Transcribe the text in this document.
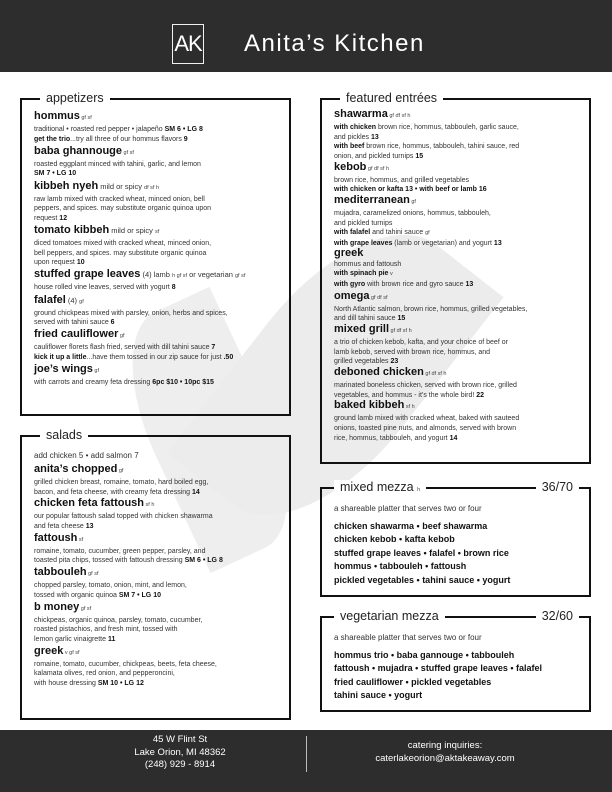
AK Anita’s Kitchen
appetizers
hommus gf sf
traditional • roasted red pepper • jalapeño SM 6 • LG 8
get the trio...try all three of our hommus flavors 9
baba ghannouge gf sf
roasted eggplant minced with tahini, garlic, and lemon
SM 7 • LG 10
kibbeh nyeh mild or spicy df sf h
raw lamb mixed with cracked wheat, minced onion, bell
peppers, and spices. may substitute organic quinoa upon
request 12
tomato kibbeh mild or spicy sf
diced tomatoes mixed with cracked wheat, minced onion,
bell peppers, and spices. may substitute organic quinoa
upon request 10
stuffed grape leaves (4) lamb h gf sf or vegetarian gf sf
house rolled vine leaves, served with yogurt 8
falafel (4) gf
ground chickpeas mixed with parsley, onion, herbs and spices,
served with tahini sauce 6
fried cauliflower gf
cauliflower florets flash fried, served with dill tahini sauce 7
kick it up a little...have them tossed in our zip sauce for just .50
joe’s wings gf
with carrots and creamy feta dressing 6pc $10 • 10pc $15
salads
add chicken 5 • add salmon 7
anita’s chopped gf
grilled chicken breast, romaine, tomato, hard boiled egg,
bacon, and feta cheese, with creamy feta dressing 14
chicken feta fattoush sf h
our popular fattoush salad topped with chicken shawarma
and feta cheese 13
fattoush sf
romaine, tomato, cucumber, green pepper, parsley, and
toasted pita chips, tossed with fattoush dressing SM 6 • LG 8
tabbouleh gf sf
chopped parsley, tomato, onion, mint, and lemon,
tossed with organic quinoa SM 7 • LG 10
b money gf sf
chickpeas, organic quinoa, parsley, tomato, cucumber,
roasted pistachios, and fresh mint, tossed with
lemon garlic vinaigrette 11
greek v gf sf
romaine, tomato, cucumber, chickpeas, beets, feta cheese,
kalamata olives, red onion, and pepperoncini,
with house dressing SM 10 • LG 12
featured entrées
shawarma gf df sf h
with chicken brown rice, hommus, tabbouleh, garlic sauce,
and pickles 13
with beef brown rice, hommus, tabbouleh, tahini sauce, red
onion, and pickled turnips 15
kebob gf df sf h
brown rice, hommus, and grilled vegetables
with chicken or kafta 13 • with beef or lamb 16
mediterranean gf
mujadra, caramelized onions, hommus, tabbouleh,
and pickled turnips
with falafel and tahini sauce gf
with grape leaves (lamb or vegetarian) and yogurt 13
greek
hommus and fattoush
with spinach pie v
with gyro with brown rice and gyro sauce 13
omega gf df sf
North Atlantic salmon, brown rice, hommus, grilled vegetables,
and dill tahini sauce 15
mixed grill gf df sf h
a trio of chicken kebob, kafta, and your choice of beef or
lamb kebob, served with brown rice, hommus, and
grilled vegetables 23
deboned chicken gf df sf h
marinated boneless chicken, served with brown rice, grilled
vegetables, and hommus - it’s the whole bird! 22
baked kibbeh sf h
ground lamb mixed with cracked wheat, baked with sauteed
onions, toasted pine nuts, and almonds, served with brown
rice, hommus, tabbouleh, and yogurt 14
mixed mezza h	36/70
a shareable platter that serves two or four
chicken shawarma • beef shawarma
chicken kebob • kafta kebob
stuffed grape leaves • falafel • brown rice
hommus • tabbouleh • fattoush
pickled vegetables • tahini sauce • yogurt
vegetarian mezza	32/60
a shareable platter that serves two or four
hommus trio • baba gannouge • tabbouleh
fattoush • mujadra • stuffed grape leaves • falafel
fried cauliflower • pickled vegetables
tahini sauce • yogurt
45 W Flint St
Lake Orion, MI 48362
(248) 929 - 8914
catering inquiries:
caterlakeorion@aktakeaway.com
